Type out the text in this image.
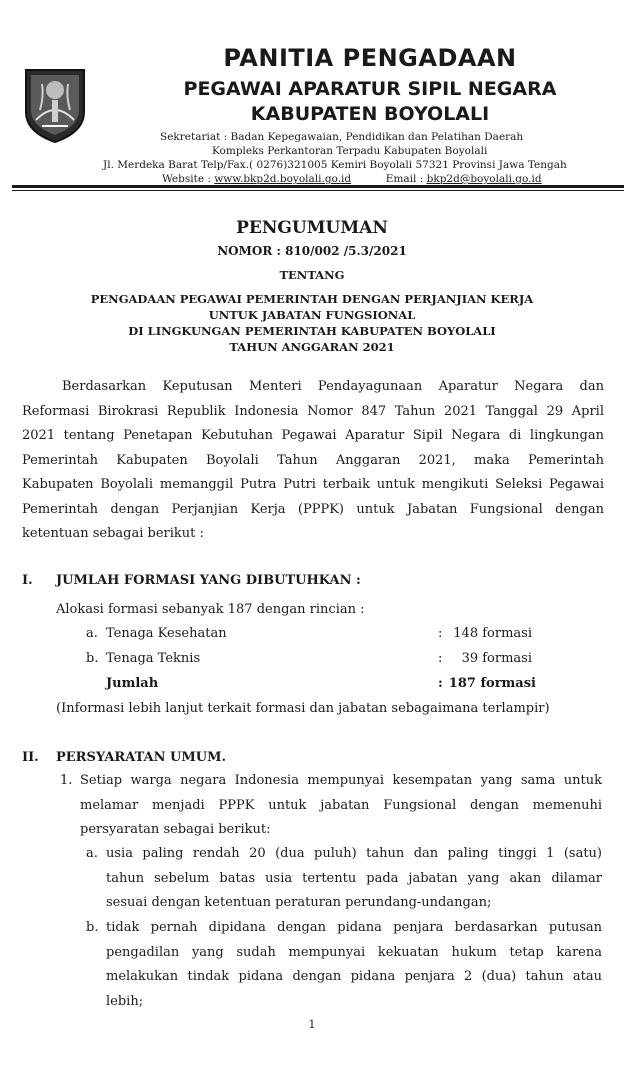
PANITIA PENGADAAN
PEGAWAI APARATUR SIPIL NEGARA
KABUPATEN BOYOLALI
Sekretariat : Badan Kepegawaian, Pendidikan dan Pelatihan Daerah
Kompleks Perkantoran Terpadu Kabupaten Boyolali
Jl. Merdeka Barat Telp/Fax.( 0276)321005 Kemiri Boyolali 57321 Provinsi Jawa Tengah
Website : www.bkp2d.boyolali.go.id	Email : bkp2d@boyolali.go.id
PENGUMUMAN
NOMOR : 810/002 /5.3/2021
TENTANG
PENGADAAN PEGAWAI PEMERINTAH DENGAN PERJANJIAN KERJA
UNTUK JABATAN FUNGSIONAL
DI LINGKUNGAN PEMERINTAH KABUPATEN BOYOLALI
TAHUN ANGGARAN 2021
Berdasarkan Keputusan Menteri Pendayagunaan Aparatur Negara dan
Reformasi Birokrasi Republik Indonesia Nomor 847 Tahun 2021 Tanggal 29 April
2021 tentang Penetapan Kebutuhan Pegawai Aparatur Sipil Negara di lingkungan
Pemerintah Kabupaten Boyolali Tahun Anggaran 2021, maka Pemerintah
Kabupaten Boyolali memanggil Putra Putri terbaik untuk mengikuti Seleksi Pegawai
Pemerintah dengan Perjanjian Kerja (PPPK) untuk Jabatan Fungsional dengan
ketentuan sebagai berikut :
I. JUMLAH FORMASI YANG DIBUTUHKAN :
Alokasi formasi sebanyak 187 dengan rincian :
a. Tenaga Kesehatan	: 148 formasi
b. Tenaga Teknis	:	39 formasi
Jumlah	: 187 formasi
(Informasi lebih lanjut terkait formasi dan jabatan sebagaimana terlampir)
II. PERSYARATAN UMUM.
1. Setiap warga negara Indonesia mempunyai kesempatan yang sama untuk
melamar menjadi PPPK untuk jabatan Fungsional dengan memenuhi
persyaratan sebagai berikut:
a. usia paling rendah 20 (dua puluh) tahun dan paling tinggi 1 (satu)
tahun sebelum batas usia tertentu pada jabatan yang akan dilamar
sesuai dengan ketentuan peraturan perundang-undangan;
b. tidak pernah dipidana dengan pidana penjara berdasarkan putusan
pengadilan yang sudah mempunyai kekuatan hukum tetap karena
melakukan tindak pidana dengan pidana penjara 2 (dua) tahun atau
lebih;
1
